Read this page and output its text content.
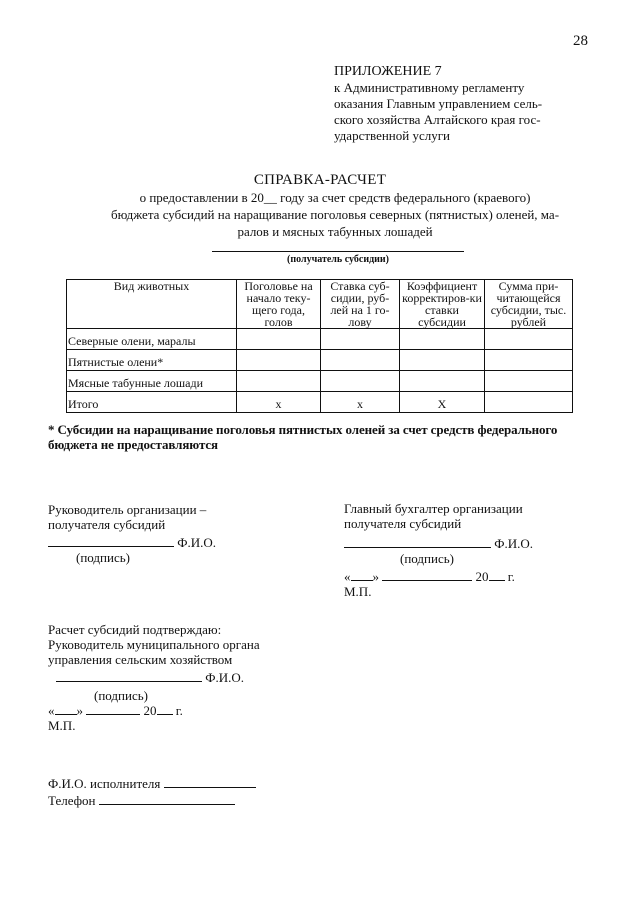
28
ПРИЛОЖЕНИЕ 7
к Административному регламенту
оказания Главным управлением сель-
ского хозяйства Алтайского края гос-
ударственной услуги
СПРАВКА-РАСЧЕТ
о предоставлении в 20__ году за счет средств федерального (краевого)
бюджета субсидий на наращивание поголовья северных (пятнистых) оленей, ма-
ралов и мясных табунных лошадей
(получатель субсидии)
Вид животных	Поголовье на начало теку-щего года, голов	Ставка суб-сидии, руб-лей на 1 го-лову	Коэффициент корректиров-ки ставки субсидии	Сумма при-читающейся субсидии, тыс. рублей
Северные олени, маралы				
Пятнистые олени*				
Мясные табунные лошади				
Итого	x	x	X	
* Субсидии на наращивание поголовья пятнистых оленей за счет средств федерального бюджета не предоставляются
Руководитель организации –
получателя субсидий
Ф.И.О.
(подпись)
Главный бухгалтер организации
получателя субсидий
Ф.И.О.
(подпись)
« »	20 г.
М.П.
Расчет субсидий подтверждаю:
Руководитель муниципального органа
управления сельским хозяйством
Ф.И.О.
(подпись)
« »	20 г.
М.П.
Ф.И.О. исполнителя
Телефон
